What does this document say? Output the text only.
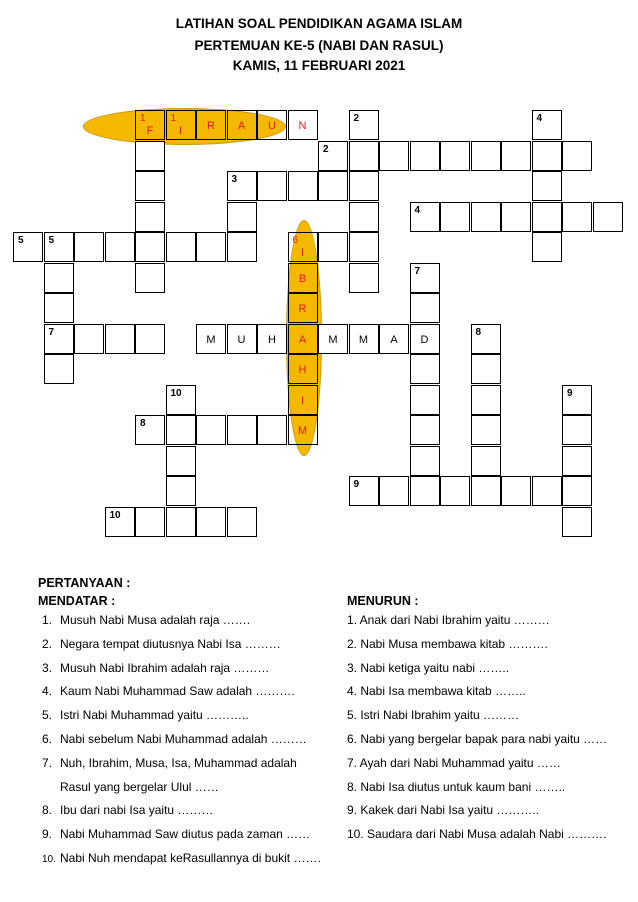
LATIHAN SOAL PENDIDIKAN AGAMA ISLAM
PERTEMUAN KE-5 (NABI DAN RASUL)
KAMIS, 11 FEBRUARI 2021
2	4
2
3
4
5 5
7
7
M	U	H	M	M	A	D
8
10	9
8
9
10
1
F
1
I	R	A	U	N
6
I
B
R
A
H
I
M
PERTANYAAN :
MENDATAR :	MENURUN :
1. Musuh Nabi Musa adalah raja …….
2. Negara tempat diutusnya Nabi Isa ………
3. Musuh Nabi Ibrahim adalah raja ………
4. Kaum Nabi Muhammad Saw adalah ……….
5. Istri Nabi Muhammad yaitu ………..
6. Nabi sebelum Nabi Muhammad adalah ………
7. Nuh, Ibrahim, Musa, Isa, Muhammad adalah
Rasul yang bergelar Ulul ……
8. Ibu dari nabi Isa yaitu ………
9. Nabi Muhammad Saw diutus pada zaman ……
10. Nabi Nuh mendapat keRasullannya di bukit …….
1. Anak dari Nabi Ibrahim yaitu ………
2. Nabi Musa membawa kitab ……….
3. Nabi ketiga yaitu nabi ……..
4. Nabi Isa membawa kitab ……..
5. Istri Nabi Ibrahim yaitu ………
6. Nabi yang bergelar bapak para nabi yaitu ……
7. Ayah dari Nabi Muhammad yaitu ……
8. Nabi Isa diutus untuk kaum bani ……..
9. Kakek dari Nabi Isa yaitu ………..
10. Saudara dari Nabi Musa adalah Nabi ……….
